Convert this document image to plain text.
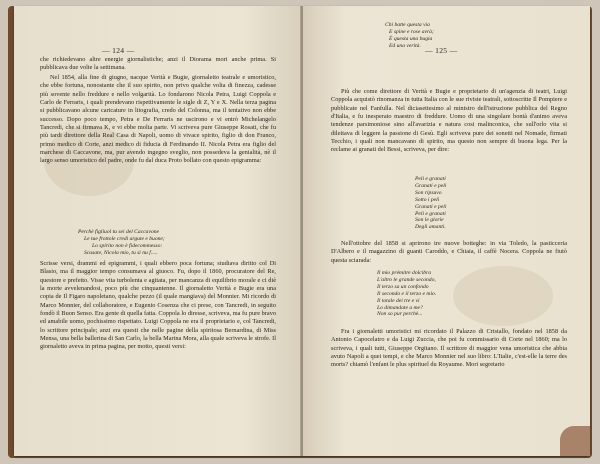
— 124 —
che richiedevano altre energie giornalistiche; anzi il Diorama mori anche prima. Si pubblicava due volte la settimana.
Nel 1854, alla fine di giugno, nacque Verità e Bugie, giornaletto teatrale e umoristico, che ebbe fortuna, nonostante che il suo spirito, non privo qualche volta di finezza, cadesse più sovente nello freddure e nello volgarità. Lo fondarono Nicola Petra, Luigi Coppola e Carlo de Ferraris, i quali prendevano rispettivamente le sigle di Z, Y e X. Nella terza pagina si pubblicavano alcune caricature in litografia, credo del Colonna, ma il tentativo non ebbe successo. Dopo poco tempo, Petra e De Ferraris ne uscirono e vi entrò Michelangelo Tancredi, che si firmava K, e vi ebbe molta parte. Vi scriveva pure Giuseppe Rosati, che fu più tardi direttore della Real Casa di Napoli, uomo di vivace spirito, figlio di don Franco, primo medico di Corte, anzi medico di fiducia di Ferdinando II. Nicola Petra era figlio del marchese di Caccavone, ma, pur avendo ingegno sveglio, non possedeva la genialità, nè il largo senso umoristico del padre, onde fu dal duca Proto bollato con questo epigramma:
Perchè figliuol tu sei del Caccavone
Le tue frottole credi argute e buone;
Lo spirito non è fidecommesso:
Scusate, Nicola mio, tu sì nu f.....
Scrisse versi, drammi ed epigrammi, i quali ebbero poca fortuna; studiava diritto col Di Blasio, ma il maggior tempo consumava al giuoco. Fu, dopo il 1860, procuratore del Re, questore e prefetto. Visse vita turbolenta e agitata, per mancanza di equilibrio morale e ci diè la morte avvelenandosi, poco più che cinquantenne. Il giornaletto Verità e Bugie era una copia de Il Figaro napoletano, qualche pezzo (il quale mangiava) del Monnier. Mi ricordo di Marco Monnier, del collaboratore, e Eugenio Cosenza che ci prese, con Tancredi, in seguito fondò il Buon Senso. Era gente di quella fatta. Coppola lo diresse, scriveva, ma fu pure bravo ed amabile uomo, pochissimo rispettato. Luigi Coppola ne era il proprietario e, col Tancredi, lo scrittore principale; anzi era questi che nelle pagine della spiritosa Bernardina, di Miss Mensa, una bella ballerina di San Carlo, la bella Marina Mora, alla quale scriveva le strofe. Il giornaletto aveva in prima pagina, per motto, questi versi:
— 125 —
Chi batte questa via
E spine e rose avrà;
È questa una bugia
Ed una verità.
Più che come direttore di Verità e Bugie e proprietario di un'agenzia di teatri, Luigi Coppola acquistò rinomanza in tutta Italia con le sue riviste teatrali, sottoscritte Il Pompiere e pubblicate nel Fanfulla. Nel diciasettesimo al ministro dell'istruzione pubblica del Regno d'Italia, e fu inesperato maestro di freddure. Uomo di una singolare bontà d'animo aveva tendenze parsimoniose sino all'avarizia e natura cosi malinconica, che sull'orlo vita si dilettava di leggere la passione di Gesù. Egli scriveva pure dei sonetti nel Nomade, firmati Tecchio, i quali non mancavano di spirito, ma questo non sempre di buona lega. Per la reclame ai granati del Bessi, scriveva, per dire:
Peli e granati
Granati e peli
Son ripsuvo
Sotto i peli
Granati e peli
Peli e granati
Son le glorie
Degli amanti.
Nell'ottobre del 1858 si aprirono tre nuove botteghe: in via Toledo, la pasticceria D'Albero e il magazzino di guanti Caroddo, e Chiaia, il caffè Nocera. Coppola ne fiutò questa sciarada:
Il mio prèmitre dolcibra
L'altro le grande secondo,
Il terzo sa un confondo
Il secondo e il terzo e mio.
Il totale dei tre e vi
Lo dimandate a me?
Non so pur perchè...
Fra i giornaletti umoristici mi ricordato il Palazzo di Cristallo, fondato nel 1858 da Antonio Capocelatro e da Luigi Zuccia, che poi fu commissario di Corte nel 1860; ma lo scriveva, i quali tutti, Giuseppe Orgitano. Il scrittore di maggior vena umoristica che abbia avuto Napoli a quei tempi, e che Marco Monnier nel suo libro: L'Italie, c'est-elle la terre des morts? chiamò l'enfant le plus spirituel du Royaume. Mori segretario
